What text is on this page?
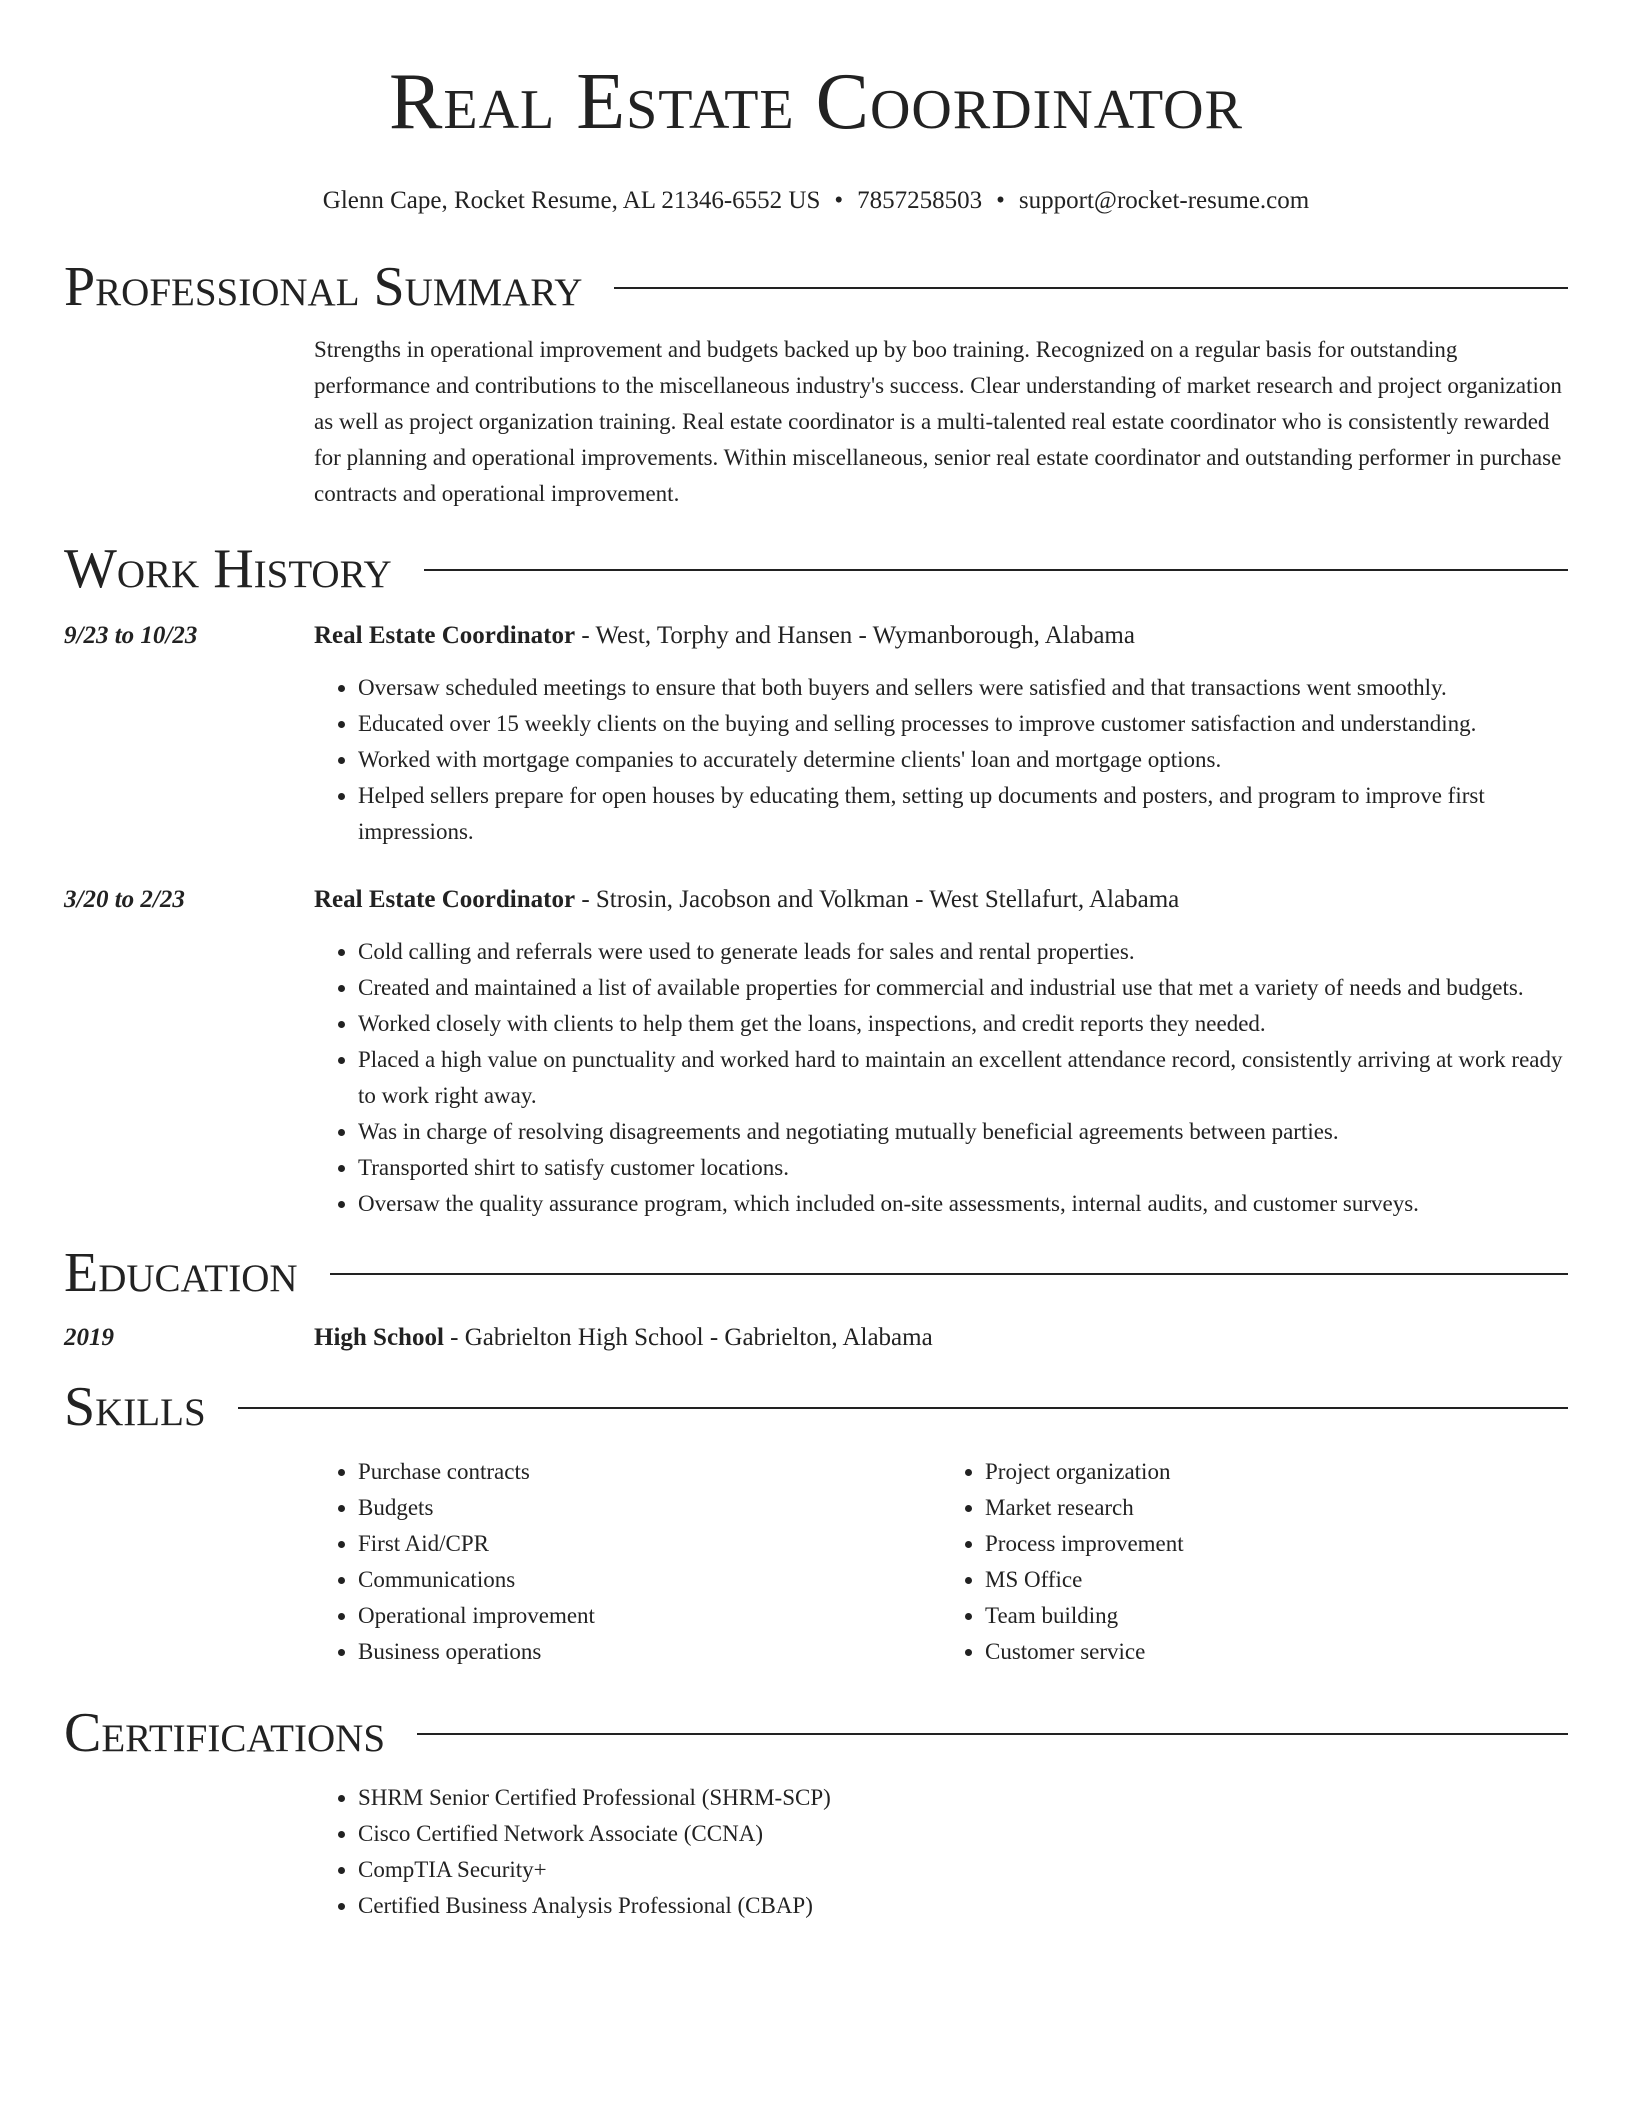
Real Estate Coordinator
Glenn Cape, Rocket Resume, AL 21346-6552 US • 7857258503 • support@rocket-resume.com
Professional Summary
Strengths in operational improvement and budgets backed up by boo training. Recognized on a regular basis for outstanding performance and contributions to the miscellaneous industry's success. Clear understanding of market research and project organization as well as project organization training. Real estate coordinator is a multi-talented real estate coordinator who is consistently rewarded for planning and operational improvements. Within miscellaneous, senior real estate coordinator and outstanding performer in purchase contracts and operational improvement.
Work History
9/23 to 10/23	Real Estate Coordinator - West, Torphy and Hansen - Wymanborough, Alabama
• Oversaw scheduled meetings to ensure that both buyers and sellers were satisfied and that transactions went smoothly.
• Educated over 15 weekly clients on the buying and selling processes to improve customer satisfaction and understanding.
• Worked with mortgage companies to accurately determine clients' loan and mortgage options.
• Helped sellers prepare for open houses by educating them, setting up documents and posters, and program to improve first impressions.
3/20 to 2/23	Real Estate Coordinator - Strosin, Jacobson and Volkman - West Stellafurt, Alabama
• Cold calling and referrals were used to generate leads for sales and rental properties.
• Created and maintained a list of available properties for commercial and industrial use that met a variety of needs and budgets.
• Worked closely with clients to help them get the loans, inspections, and credit reports they needed.
• Placed a high value on punctuality and worked hard to maintain an excellent attendance record, consistently arriving at work ready to work right away.
• Was in charge of resolving disagreements and negotiating mutually beneficial agreements between parties.
• Transported shirt to satisfy customer locations.
• Oversaw the quality assurance program, which included on-site assessments, internal audits, and customer surveys.
Education
2019	High School - Gabrielton High School - Gabrielton, Alabama
Skills
• Purchase contracts
• Budgets
• First Aid/CPR
• Communications
• Operational improvement
• Business operations
• Project organization
• Market research
• Process improvement
• MS Office
• Team building
• Customer service
Certifications
• SHRM Senior Certified Professional (SHRM-SCP)
• Cisco Certified Network Associate (CCNA)
• CompTIA Security+
• Certified Business Analysis Professional (CBAP)
